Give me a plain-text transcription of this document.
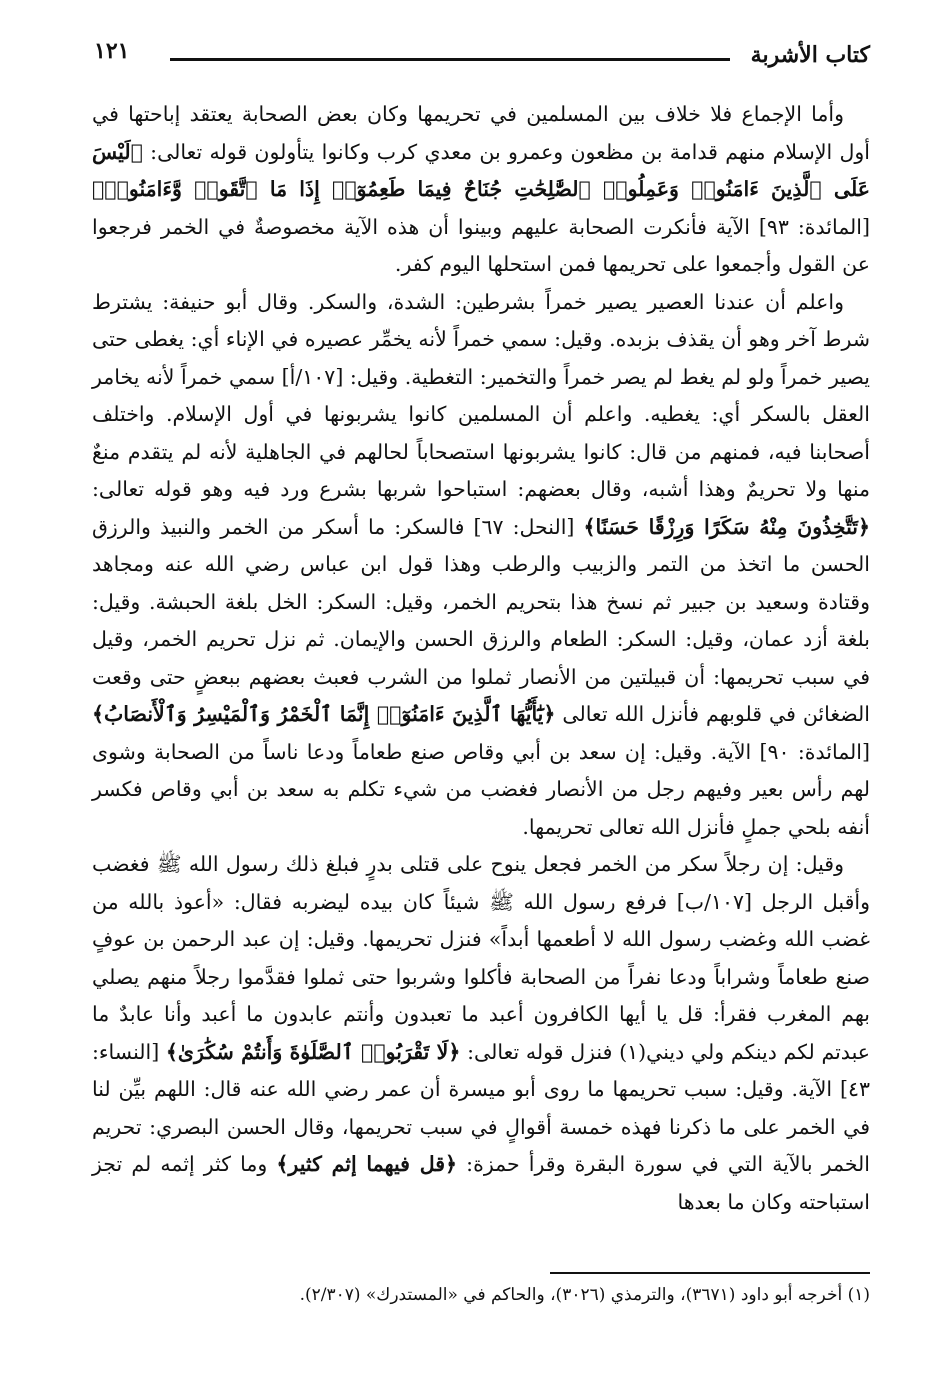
كتاب الأشربة
١٢١

وأما الإجماع فلا خلاف بين المسلمين في تحريمها وكان بعض الصحابة يعتقد إباحتها في أول الإسلام منهم قدامة بن مظعون وعمرو بن معدي كرب وكانوا يتأولون قوله تعالى: ﴿لَيْسَ عَلَى ٱلَّذِينَ ءَامَنُوا۟ وَعَمِلُوا۟ ٱلصَّٰلِحَٰتِ جُنَاحٌ فِيمَا طَعِمُوٓا۟ إِذَا مَا ٱتَّقَوا۟ وَّءَامَنُوا۟﴾ [المائدة: ٩٣] الآية فأنكرت الصحابة عليهم وبينوا أن هذه الآية مخصوصةٌ في الخمر فرجعوا عن القول وأجمعوا على تحريمها فمن استحلها اليوم كفر.

واعلم أن عندنا العصير يصير خمراً بشرطين: الشدة، والسكر. وقال أبو حنيفة: يشترط شرط آخر وهو أن يقذف بزبده. وقيل: سمي خمراً لأنه يخمِّر عصيره في الإناء أي: يغطى حتى يصير خمراً ولو لم يغط لم يصر خمراً والتخمير: التغطية. وقيل: [١٠٧/أ] سمي خمراً لأنه يخامر العقل بالسكر أي: يغطيه. واعلم أن المسلمين كانوا يشربونها في أول الإسلام. واختلف أصحابنا فيه، فمنهم من قال: كانوا يشربونها استصحاباً لحالهم في الجاهلية لأنه لم يتقدم منعٌ منها ولا تحريمٌ وهذا أشبه، وقال بعضهم: استباحوا شربها بشرع ورد فيه وهو قوله تعالى: ﴿تَتَّخِذُونَ مِنْهُ سَكَرًا وَرِزْقًا حَسَنًا﴾ [النحل: ٦٧] فالسكر: ما أسكر من الخمر والنبيذ والرزق الحسن ما اتخذ من التمر والزبيب والرطب وهذا قول ابن عباس رضي الله عنه ومجاهد وقتادة وسعيد بن جبير ثم نسخ هذا بتحريم الخمر، وقيل: السكر: الخل بلغة الحبشة. وقيل: بلغة أزد عمان، وقيل: السكر: الطعام والرزق الحسن والإيمان. ثم نزل تحريم الخمر، وقيل في سبب تحريمها: أن قبيلتين من الأنصار ثملوا من الشرب فعبث بعضهم ببعضٍ حتى وقعت الضغائن في قلوبهم فأنزل الله تعالى ﴿يَٰٓأَيُّهَا ٱلَّذِينَ ءَامَنُوٓا۟ إِنَّمَا ٱلْخَمْرُ وَٱلْمَيْسِرُ وَٱلْأَنصَابُ﴾ [المائدة: ٩٠] الآية. وقيل: إن سعد بن أبي وقاص صنع طعاماً ودعا ناساً من الصحابة وشوى لهم رأس بعير وفيهم رجل من الأنصار فغضب من شيء تكلم به سعد بن أبي وقاص فكسر أنفه بلحي جملٍ فأنزل الله تعالى تحريمها.

وقيل: إن رجلاً سكر من الخمر فجعل ينوح على قتلى بدرٍ فبلغ ذلك رسول الله ﷺ فغضب وأقبل الرجل [١٠٧/ب] فرفع رسول الله ﷺ شيئاً كان بيده ليضربه فقال: «أعوذ بالله من غضب الله وغضب رسول الله لا أطعمها أبداً» فنزل تحريمها. وقيل: إن عبد الرحمن بن عوفٍ صنع طعاماً وشراباً ودعا نفراً من الصحابة فأكلوا وشربوا حتى ثملوا فقدَّموا رجلاً منهم يصلي بهم المغرب فقرأ: قل يا أيها الكافرون أعبد ما تعبدون وأنتم عابدون ما أعبد وأنا عابدٌ ما عبدتم لكم دينكم ولي ديني(١) فنزل قوله تعالى: ﴿لَا تَقْرَبُوا۟ ٱلصَّلَوٰةَ وَأَنتُمْ سُكَٰرَىٰ﴾ [النساء: ٤٣] الآية. وقيل: سبب تحريمها ما روى أبو ميسرة أن عمر رضي الله عنه قال: اللهم بيِّن لنا في الخمر على ما ذكرنا فهذه خمسة أقوالٍ في سبب تحريمها، وقال الحسن البصري: تحريم الخمر بالآية التي في سورة البقرة وقرأ حمزة: ﴿قل فيهما إثم كثير﴾ وما كثر إثمه لم تجز استباحته وكان ما بعدها

(١) أخرجه أبو داود (٣٦٧١)، والترمذي (٣٠٢٦)، والحاكم في «المستدرك» (٢/٣٠٧).
